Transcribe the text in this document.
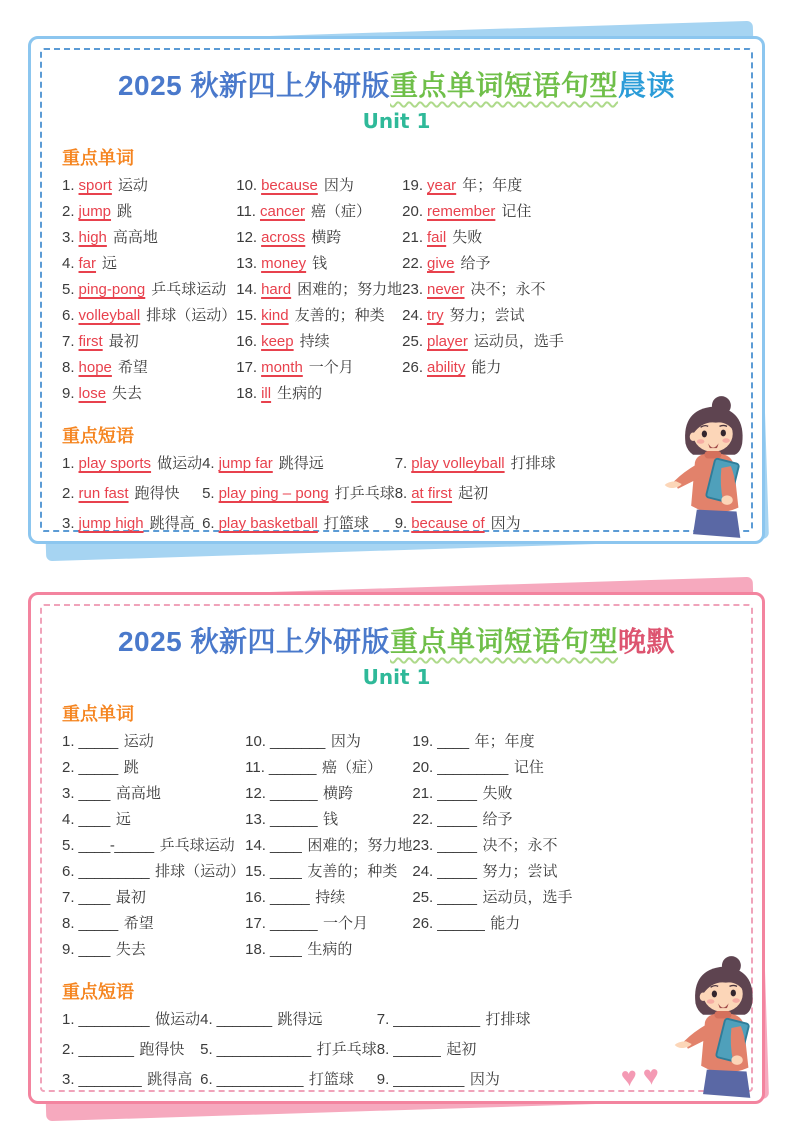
2025 秋新四上外研版重点单词短语句型晨读
Unit 1
重点单词
1. sport 运动
2. jump 跳
3. high 高高地
4. far 远
5. ping-pong 乒乓球运动
6. volleyball 排球（运动）
7. first 最初
8. hope 希望
9. lose 失去
10. because 因为
11. cancer 癌（症）
12. across 横跨
13. money 钱
14. hard 困难的；努力地
15. kind 友善的；种类
16. keep 持续
17. month 一个月
18. ill 生病的
19. year 年；年度
20. remember 记住
21. fail 失败
22. give 给予
23. never 决不；永不
24. try 努力；尝试
25. player 运动员，选手
26. ability 能力
重点短语
1. play sports 做运动
2. run fast 跑得快
3. jump high 跳得高
4. jump far 跳得远
5. play ping – pong 打乒乓球
6. play basketball 打篮球
7. play volleyball 打排球
8. at first 起初
9. because of 因为
2025 秋新四上外研版重点单词短语句型晚默
Unit 1
重点单词
1. _____ 运动
2. _____ 跳
3. ____ 高高地
4. ____ 远
5. ____-_____ 乒乓球运动
6. _________ 排球（运动）
7. ____ 最初
8. _____ 希望
9. ____ 失去
10. _______ 因为
11. ______ 癌（症）
12. ______ 横跨
13. ______ 钱
14. ____ 困难的；努力地
15. ____ 友善的；种类
16. _____ 持续
17. ______ 一个月
18. ____ 生病的
19. ____ 年；年度
20. _________ 记住
21. _____ 失败
22. _____ 给予
23. _____ 决不；永不
24. _____ 努力；尝试
25. _____ 运动员，选手
26. ______ 能力
重点短语
1. _________ 做运动
2. _______ 跑得快
3. ________ 跳得高
4. _______ 跳得远
5. ____________ 打乒乓球
6. ___________ 打篮球
7. ___________ 打排球
8. ______ 起初
9. _________ 因为	♥♥
